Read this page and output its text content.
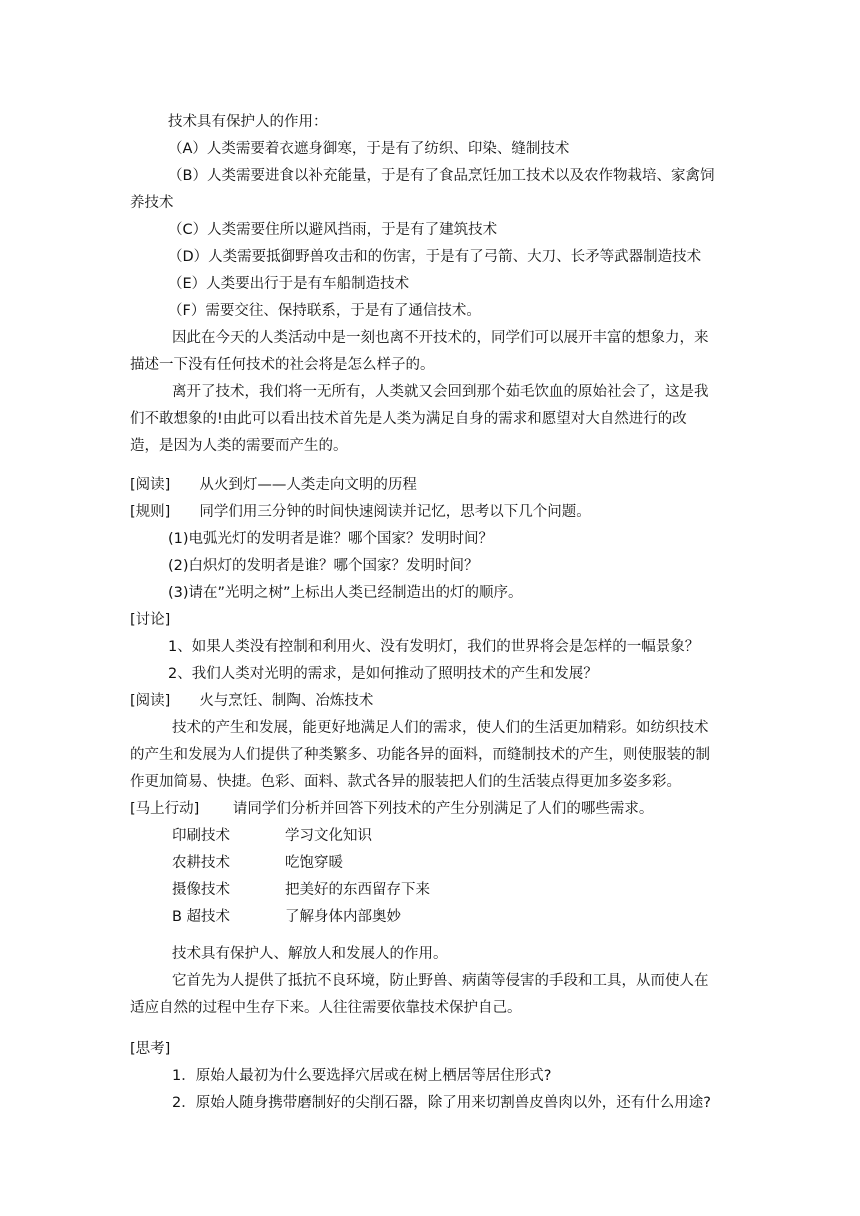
技术具有保护人的作用：
（A）人类需要着衣遮身御寒，于是有了纺织、印染、缝制技术
（B）人类需要进食以补充能量，于是有了食品烹饪加工技术以及农作物栽培、家禽饲
养技术
（C）人类需要住所以避风挡雨，于是有了建筑技术
（D）人类需要抵御野兽攻击和的伤害，于是有了弓箭、大刀、长矛等武器制造技术
（E）人类要出行于是有车船制造技术
（F）需要交往、保持联系，于是有了通信技术。
因此在今天的人类活动中是一刻也离不开技术的，同学们可以展开丰富的想象力，来
描述一下没有任何技术的社会将是怎么样子的。
离开了技术，我们将一无所有，人类就又会回到那个茹毛饮血的原始社会了，这是我
们不敢想象的!由此可以看出技术首先是人类为满足自身的需求和愿望对大自然进行的改
造，是因为人类的需要而产生的。
[阅读]　　从火到灯——人类走向文明的历程
[规则]　　同学们用三分钟的时间快速阅读并记忆，思考以下几个问题。
(1)电弧光灯的发明者是谁？哪个国家？发明时间？
(2)白炽灯的发明者是谁？哪个国家？发明时间？
(3)请在”光明之树”上标出人类已经制造出的灯的顺序。
[讨论]
1、如果人类没有控制和利用火、没有发明灯，我们的世界将会是怎样的一幅景象？
2、我们人类对光明的需求，是如何推动了照明技术的产生和发展？
[阅读]　　火与烹饪、制陶、冶炼技术
技术的产生和发展，能更好地满足人们的需求，使人们的生活更加精彩。如纺织技术
的产生和发展为人们提供了种类繁多、功能各异的面料，而缝制技术的产生，则使服装的制
作更加简易、快捷。色彩、面料、款式各异的服装把人们的生活装点得更加多姿多彩。
[马上行动]　　 请同学们分析并回答下列技术的产生分别满足了人们的哪些需求。
印刷技术	学习文化知识
农耕技术	吃饱穿暖
摄像技术	把美好的东西留存下来
B 超技术	了解身体内部奥妙
技术具有保护人、解放人和发展人的作用。
它首先为人提供了抵抗不良环境，防止野兽、病菌等侵害的手段和工具，从而使人在
适应自然的过程中生存下来。人往往需要依靠技术保护自己。
[思考]
1．原始人最初为什么要选择穴居或在树上栖居等居住形式?
2．原始人随身携带磨制好的尖削石器，除了用来切割兽皮兽肉以外，还有什么用途?
